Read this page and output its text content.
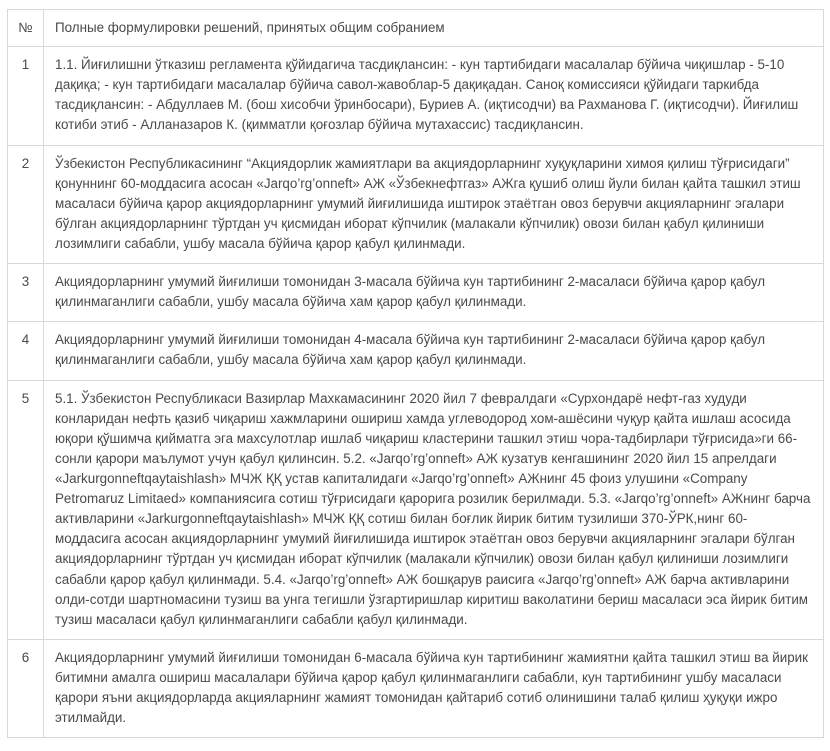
№	Полные формулировки решений, принятых общим собранием
1	1.1. Йиғилишни ўтказиш регламента қўйидагича тасдиқлансин: - кун тартибидаги масалалар бўйича чиқишлар - 5-10 дақиқа; - кун тартибидаги масалалар бўйича савол-жавоблар-5 дақиқадан. Саноқ комиссияси қўйидаги таркибда тасдиқлансин: - Абдуллаев М. (бош хисобчи ўринбосари), Буриев А. (иқтисодчи) ва Рахманова Г. (иқтисодчи). Йиғилиш котиби этиб - Алланазаров К. (қимматли қоғозлар бўйича мутахассис) тасдиқлансин.
2	Ўзбекистон Республикасининг “Акциядорлик жамиятлари ва акциядорларнинг хуқуқларини химоя қилиш тўғрисидаги” қонуннинг 60-моддасига асосан «Jarqo’rg’onneft» АЖ «Ўзбекнефтгаз» АЖга қушиб олиш йули билан қайта ташкил этиш масаласи бўйича қарор акциядорларнинг умумий йиғилишида иштирок этаётган овоз берувчи акцияларнинг эгалари бўлган акциядорларнинг тўртдан уч қисмидан иборат кўпчилик (малакали кўпчилик) овози билан қабул қилиниши лозимлиги сабабли, ушбу масала бўйича қарор қабул қилинмади.
3	Акциядорларнинг умумий йиғилиши томонидан 3-масала бўйича кун тартибининг 2-масаласи бўйича қарор қабул қилинмаганлиги сабабли, ушбу масала бўйича хам қарор қабул қилинмади.
4	Акциядорларнинг умумий йиғилиши томонидан 4-масала бўйича кун тартибининг 2-масаласи бўйича қарор қабул қилинмаганлиги сабабли, ушбу масала бўйича хам қарор қабул қилинмади.
5	5.1. Ўзбекистон Республикаси Вазирлар Махкамасининг 2020 йил 7 февралдаги «Сурхондарё нефт-газ худуди конларидан нефть қазиб чиқариш хажмларини ошириш хамда углеводород хом-ашёсини чуқур қайта ишлаш асосида юқори қўшимча қийматга эга махсулотлар ишлаб чиқариш кластерини ташкил этиш чора-тадбирлари тўғрисида»ги 66-сонли қарори маълумот учун қабул қилинсин. 5.2. «Jarqo’rg’onneft» АЖ кузатув кенгашининг 2020 йил 15 апрелдаги «Jarkurgonneftqaytaishlash» МЧЖ ҚҚ устав капиталидаги «Jarqo’rg’onneft» АЖнинг 45 фоиз улушини «Company Petromaruz Limitaed» компаниясига сотиш тўғрисидаги қарорига розилик берилмади. 5.3. «Jarqo’rg’onneft» АЖнинг барча активларини «Jarkurgonneftqaytaishlash» МЧЖ ҚҚ сотиш билан боғлик йирик битим тузилиши 370-ЎРК,нинг 60-моддасига асосан акциядорларнинг умумий йиғилишида иштирок этаётган овоз берувчи акцияларнинг эгалари бўлган акциядорларнинг тўртдан уч қисмидан иборат кўпчилик (малакали кўпчилик) овози билан қабул қилиниши лозимлиги сабабли қарор қабул қилинмади. 5.4. «Jarqo’rg’onneft» АЖ бошқарув раисига «Jarqo’rg’onneft» АЖ барча активларини олди-сотди шартномасини тузиш ва унга тегишли ўзгартиришлар киритиш ваколатини бериш масаласи эса йирик битим тузиш масаласи қабул қилинмаганлиги сабабли қабул қилинмади.
6	Акциядорларнинг умумий йиғилиши томонидан 6-масала бўйича кун тартибининг жамиятни қайта ташкил этиш ва йирик битимни амалга ошириш масалалари бўйича қарор қабул қилинмаганлиги сабабли, кун тартибининг ушбу масаласи қарори яъни акциядорларда акцияларнинг жамият томонидан қайтариб сотиб олинишини талаб қилиш ҳуқуқи ижро этилмайди.
